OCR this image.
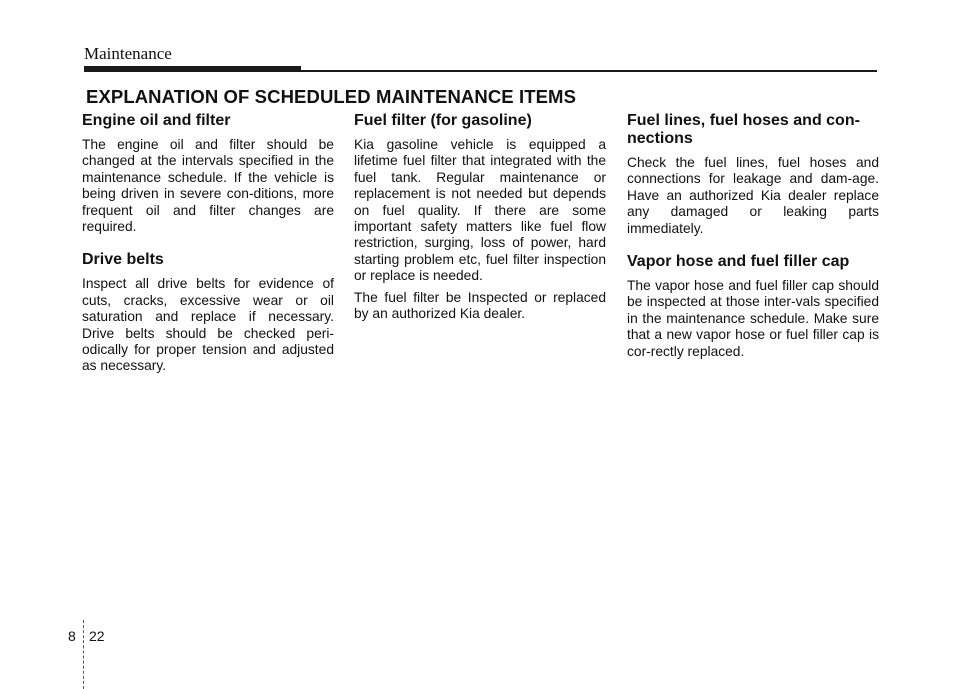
Maintenance
EXPLANATION OF SCHEDULED MAINTENANCE ITEMS
Engine oil and filter

The engine oil and filter should be changed at the intervals specified in the maintenance schedule. If the vehicle is being driven in severe con-ditions, more frequent oil and filter changes are required.

Drive belts

Inspect all drive belts for evidence of cuts, cracks, excessive wear or oil saturation and replace if necessary. Drive belts should be checked peri-odically for proper tension and adjusted as necessary.

Fuel filter (for gasoline)

Kia gasoline vehicle is equipped a lifetime fuel filter that integrated with the fuel tank. Regular maintenance or replacement is not needed but depends on fuel quality. If there are some important safety matters like fuel flow restriction, surging, loss of power, hard starting problem etc, fuel filter inspection or replace is needed.

The fuel filter be Inspected or replaced by an authorized Kia dealer.

Fuel lines, fuel hoses and con-nections

Check the fuel lines, fuel hoses and connections for leakage and dam-age. Have an authorized Kia dealer replace any damaged or leaking parts immediately.

Vapor hose and fuel filler cap

The vapor hose and fuel filler cap should be inspected at those inter-vals specified in the maintenance schedule. Make sure that a new vapor hose or fuel filler cap is cor-rectly replaced.

8 22
